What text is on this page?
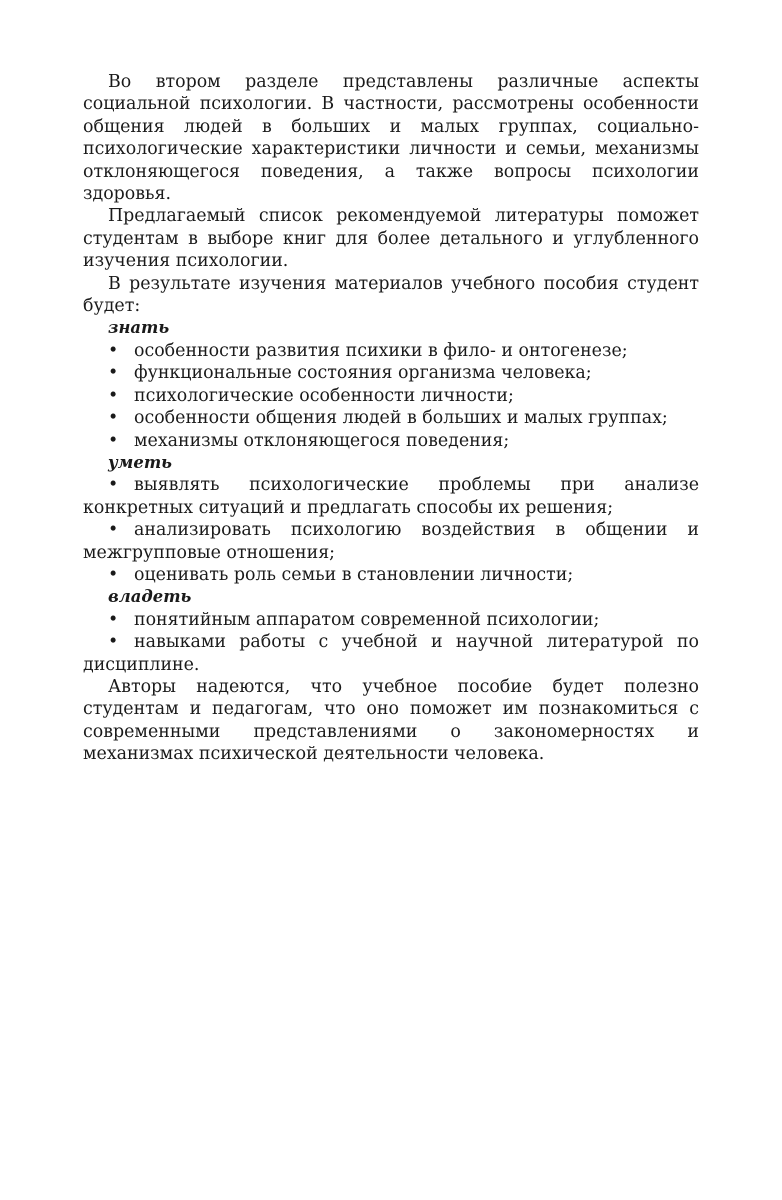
Во втором разделе представлены различные аспекты социальной психологии. В частности, рассмотрены особенности общения людей в больших и малых группах, социально-психологические характеристики личности и семьи, механизмы отклоняющегося поведения, а также вопросы психологии здоровья.

Предлагаемый список рекомендуемой литературы поможет студентам в выборе книг для более детального и углубленного изучения психологии.

В результате изучения материалов учебного пособия студент будет:

знать
• особенности развития психики в фило- и онтогенезе;
• функциональные состояния организма человека;
• психологические особенности личности;
• особенности общения людей в больших и малых группах;
• механизмы отклоняющегося поведения;
уметь
• выявлять психологические проблемы при анализе конкретных ситуаций и предлагать способы их решения;
• анализировать психологию воздействия в общении и межгрупповые отношения;
• оценивать роль семьи в становлении личности;
владеть
• понятийным аппаратом современной психологии;
• навыками работы с учебной и научной литературой по дисциплине.

Авторы надеются, что учебное пособие будет полезно студентам и педагогам, что оно поможет им познакомиться с современными представлениями о закономерностях и механизмах психической деятельности человека.
